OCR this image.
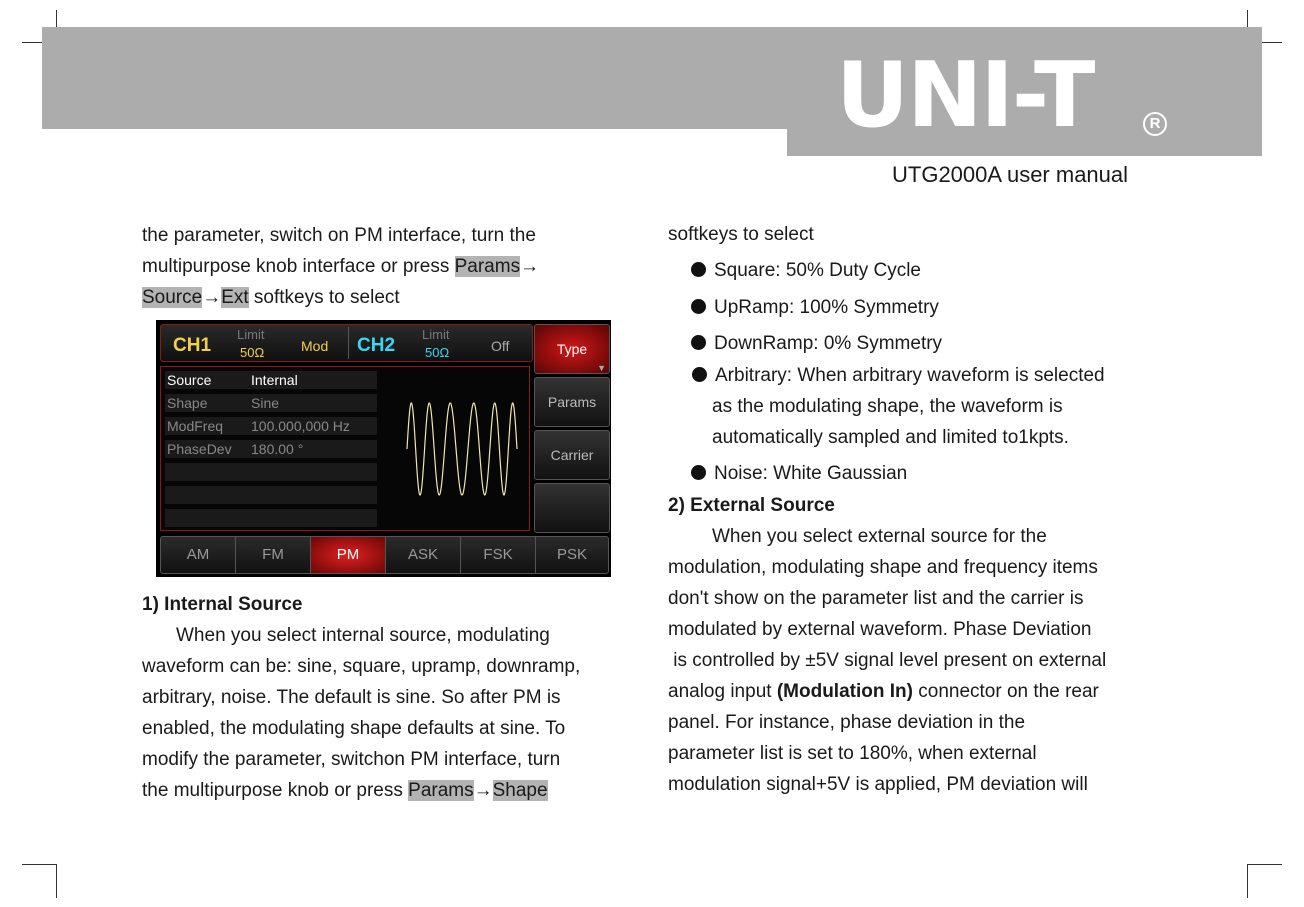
UNI-T	R
UTG2000A user manual
the parameter, switch on PM interface, turn the
multipurpose knob interface or press Params→
Source→Ext softkeys to select
CH1
Limit
50Ω	Mod CH2
Limit
50Ω	Off
Source	Internal
Shape	Sine
ModFreq 100.000,000 Hz
PhaseDev 180.00 °
Type
▼
Params
Carrier
AM	FM	PM	ASK	FSK	PSK
1) Internal Source
When you select internal source, modulating
waveform can be: sine, square, upramp, downramp,
arbitrary, noise. The default is sine. So after PM is
enabled, the modulating shape defaults at sine. To
modify the parameter, switchon PM interface, turn
the multipurpose knob or press Params→Shape
softkeys to select
Square: 50% Duty Cycle
UpRamp: 100% Symmetry
DownRamp: 0% Symmetry
Arbitrary: When arbitrary waveform is selected
as the modulating shape, the waveform is
automatically sampled and limited to1kpts.
Noise: White Gaussian
2) External Source
When you select external source for the
modulation, modulating shape and frequency items
don't show on the parameter list and the carrier is
modulated by external waveform. Phase Deviation
is controlled by ±5V signal level present on external
analog input (Modulation In) connector on the rear
panel. For instance, phase deviation in the
parameter list is set to 180%, when external
modulation signal+5V is applied, PM deviation will
